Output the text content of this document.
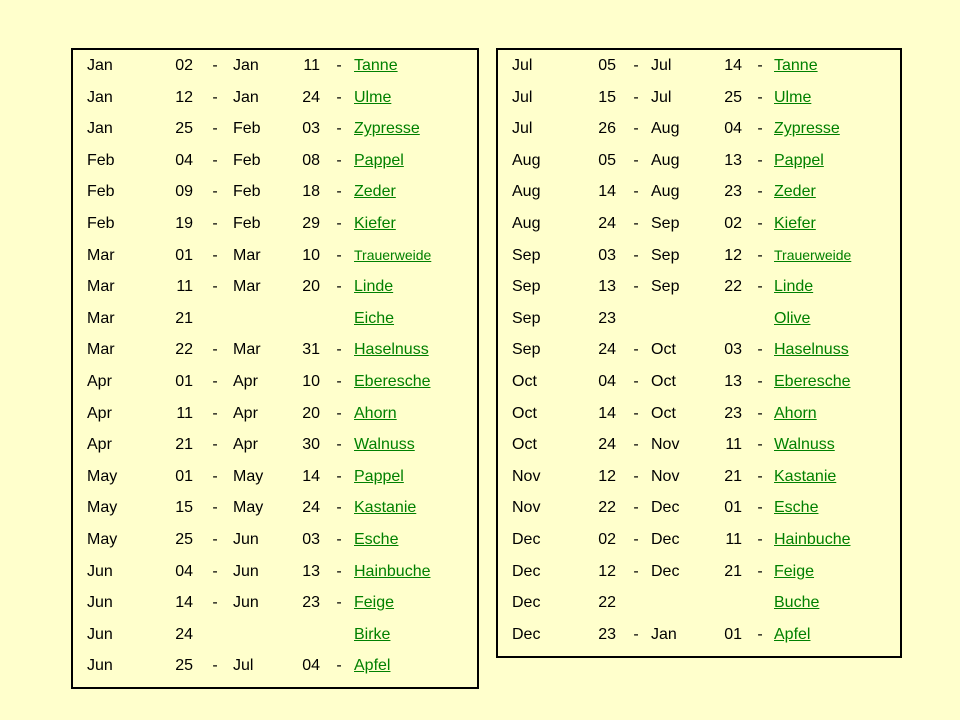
Jan	02	- Jan	11	- Tanne
Jan	12	- Jan	24	- Ulme
Jan	25	- Feb	03	- Zypresse
Feb	04	- Feb	08	- Pappel
Feb	09	- Feb	18	- Zeder
Feb	19	- Feb	29	- Kiefer
Mar	01	- Mar	10	- Trauerweide
Mar	11	- Mar	20	- Linde
Mar	21	Eiche
Mar	22	- Mar	31	- Haselnuss
Apr	01	- Apr	10	- Eberesche
Apr	11	- Apr	20	- Ahorn
Apr	21	- Apr	30	- Walnuss
May	01	- May	14	- Pappel
May	15	- May	24	- Kastanie
May	25	- Jun	03	- Esche
Jun	04	- Jun	13	- Hainbuche
Jun	14	- Jun	23	- Feige
Jun	24	Birke
Jun	25	- Jul	04	- Apfel
Jul	05	- Jul	14 - Tanne
Jul	15	- Jul	25 - Ulme
Jul	26	- Aug	04 - Zypresse
Aug	05	- Aug	13 - Pappel
Aug	14	- Aug	23 - Zeder
Aug	24	- Sep	02 - Kiefer
Sep	03	- Sep	12 - Trauerweide
Sep	13	- Sep	22 - Linde
Sep	23	Olive
Sep	24	- Oct	03 - Haselnuss
Oct	04	- Oct	13 - Eberesche
Oct	14	- Oct	23 - Ahorn
Oct	24	- Nov	11 - Walnuss
Nov	12	- Nov	21 - Kastanie
Nov	22	- Dec	01 - Esche
Dec	02	- Dec	11 - Hainbuche
Dec	12	- Dec	21 - Feige
Dec	22	Buche
Dec	23	- Jan	01 - Apfel
